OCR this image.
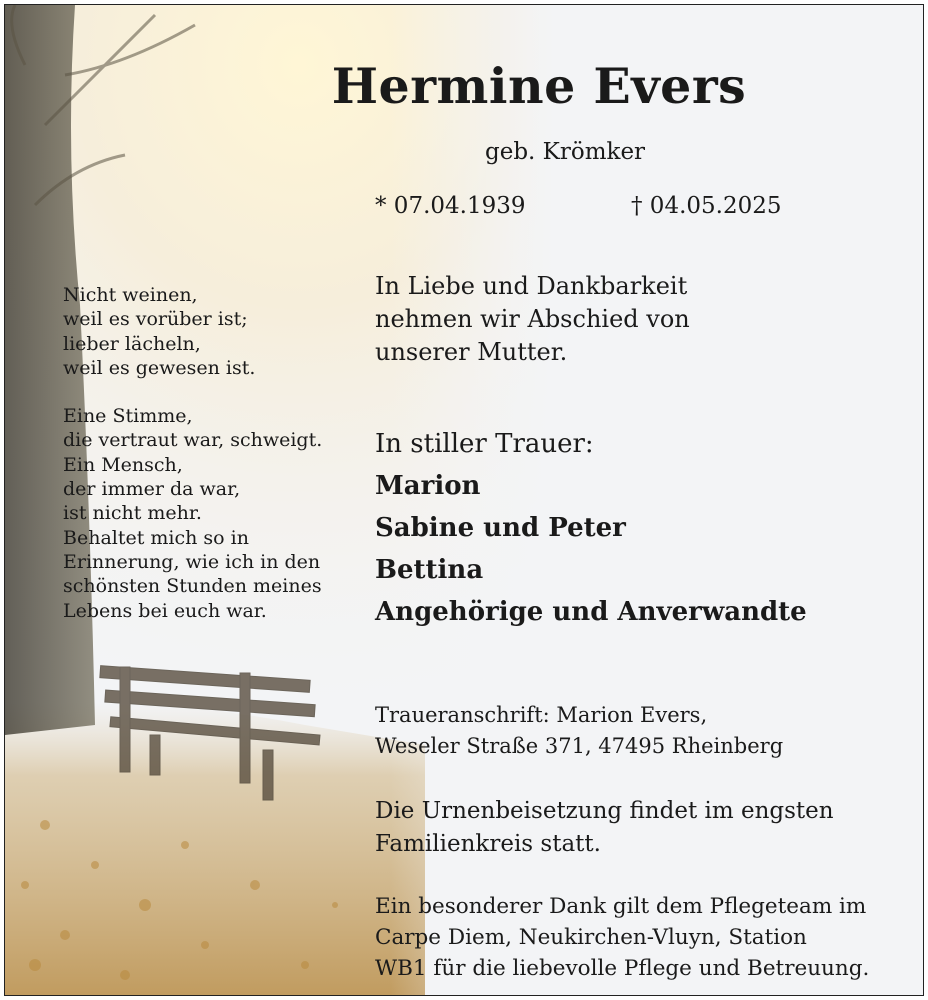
Hermine Evers
geb. Krömker
* 07.04.1939	† 04.05.2025
In Liebe und Dankbarkeit
nehmen wir Abschied von
unserer Mutter.
Nicht weinen,
weil es vorüber ist;
lieber lächeln,
weil es gewesen ist.
Eine Stimme,
die vertraut war, schweigt.
Ein Mensch,
der immer da war,
ist nicht mehr.
Behaltet mich so in
Erinnerung, wie ich in den
schönsten Stunden meines
Lebens bei euch war.
In stiller Trauer:
Marion
Sabine und Peter
Bettina
Angehörige und Anverwandte
Traueranschrift: Marion Evers,
Weseler Straße 371, 47495 Rheinberg
Die Urnenbeisetzung findet im engsten
Familienkreis statt.
Ein besonderer Dank gilt dem Pflegeteam im
Carpe Diem, Neukirchen-Vluyn, Station
WB1 für die liebevolle Pflege und Betreuung.
